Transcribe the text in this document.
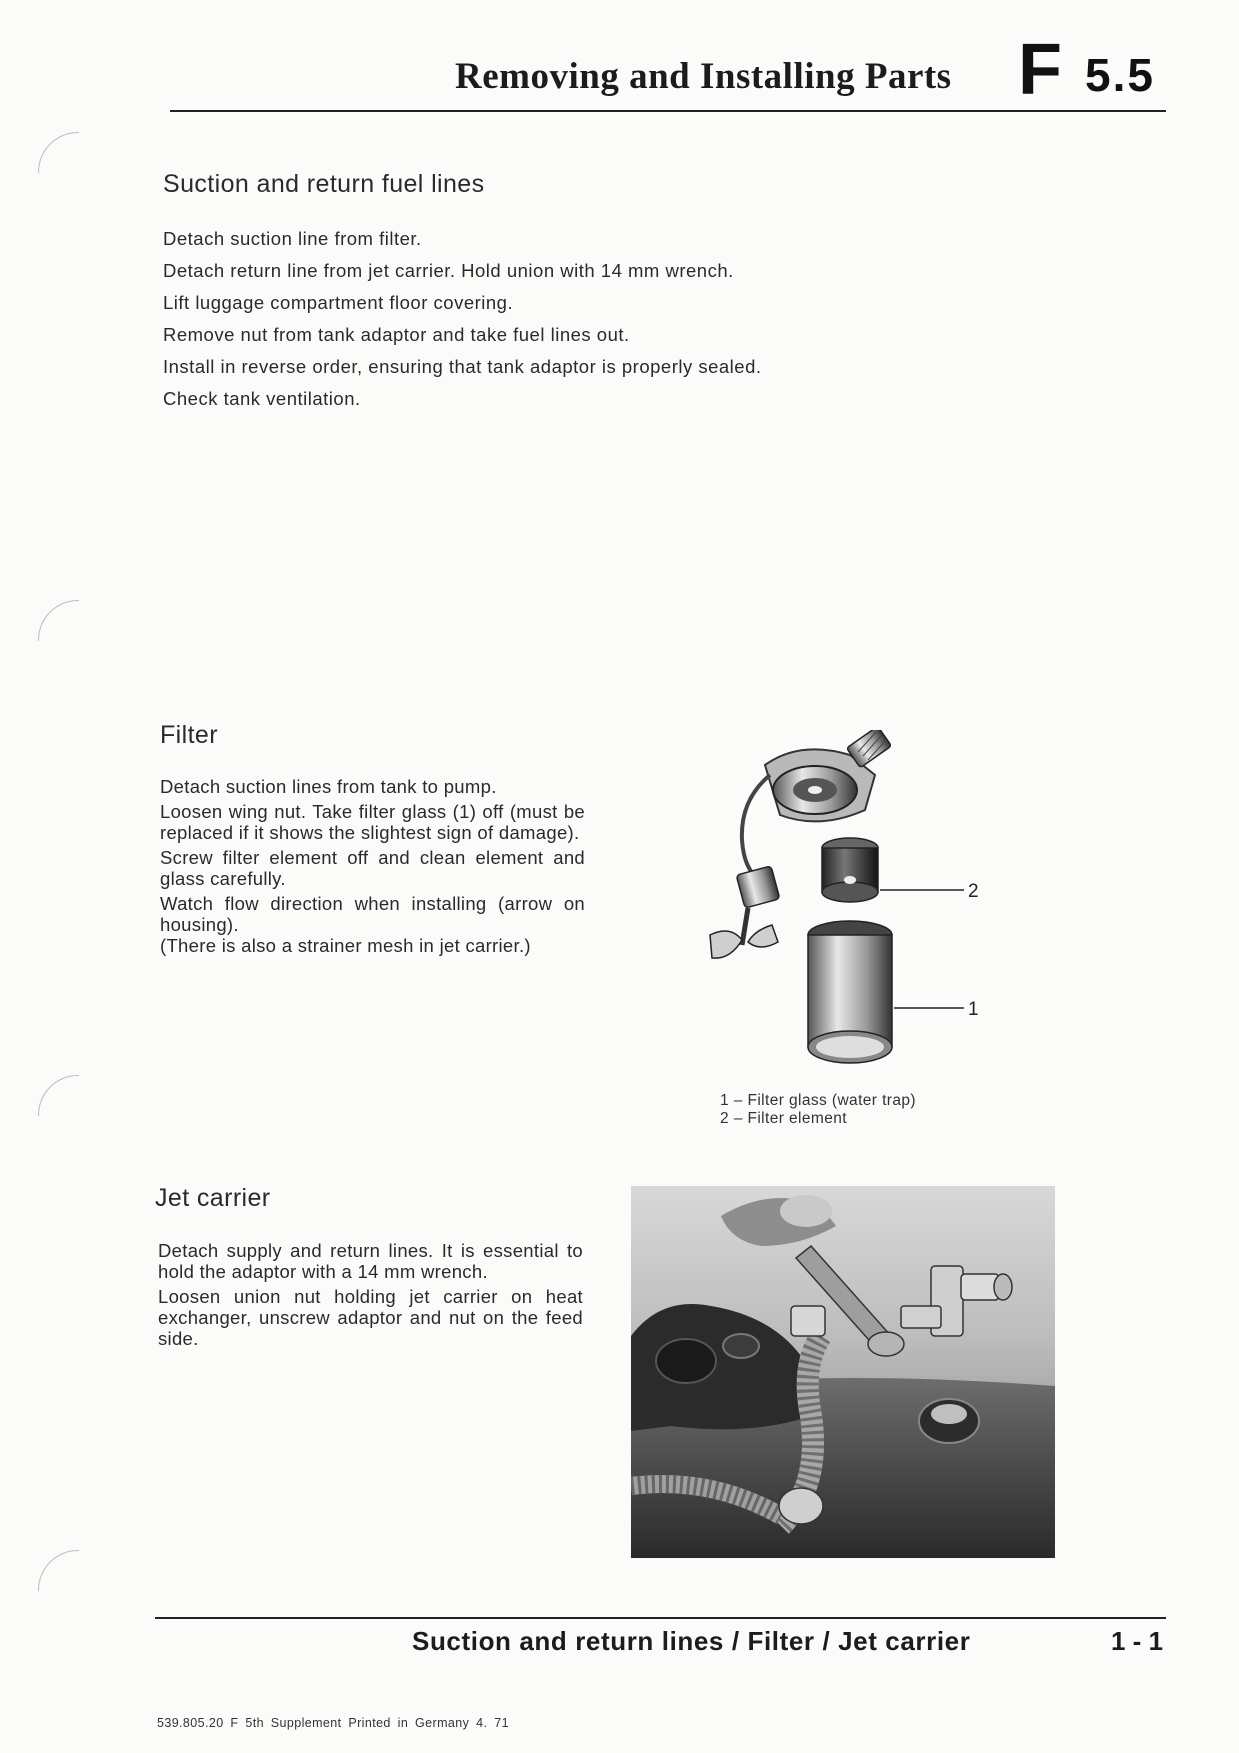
Removing and Installing Parts F 5.5
Suction and return fuel lines

Detach suction line from filter.

Detach return line from jet carrier. Hold union with 14 mm wrench.

Lift luggage compartment floor covering.

Remove nut from tank adaptor and take fuel lines out.

Install in reverse order, ensuring that tank adaptor is properly sealed.

Check tank ventilation.

Filter

Detach suction lines from tank to pump.

Loosen wing nut. Take filter glass (1) off (must be replaced if it shows the slightest sign of damage).

Screw filter element off and clean element and glass carefully.

Watch flow direction when installing (arrow on housing).

(There is also a strainer mesh in jet carrier.)

2
1
1 – Filter glass (water trap)
2 – Filter element
Jet carrier

Detach supply and return lines. It is essential to hold the adaptor with a 14 mm wrench.

Loosen union nut holding jet carrier on heat exchanger, unscrew adaptor and nut on the feed side.

Suction and return lines / Filter / Jet carrier	1 - 1
539.805.20 F 5th Supplement Printed in Germany 4. 71
